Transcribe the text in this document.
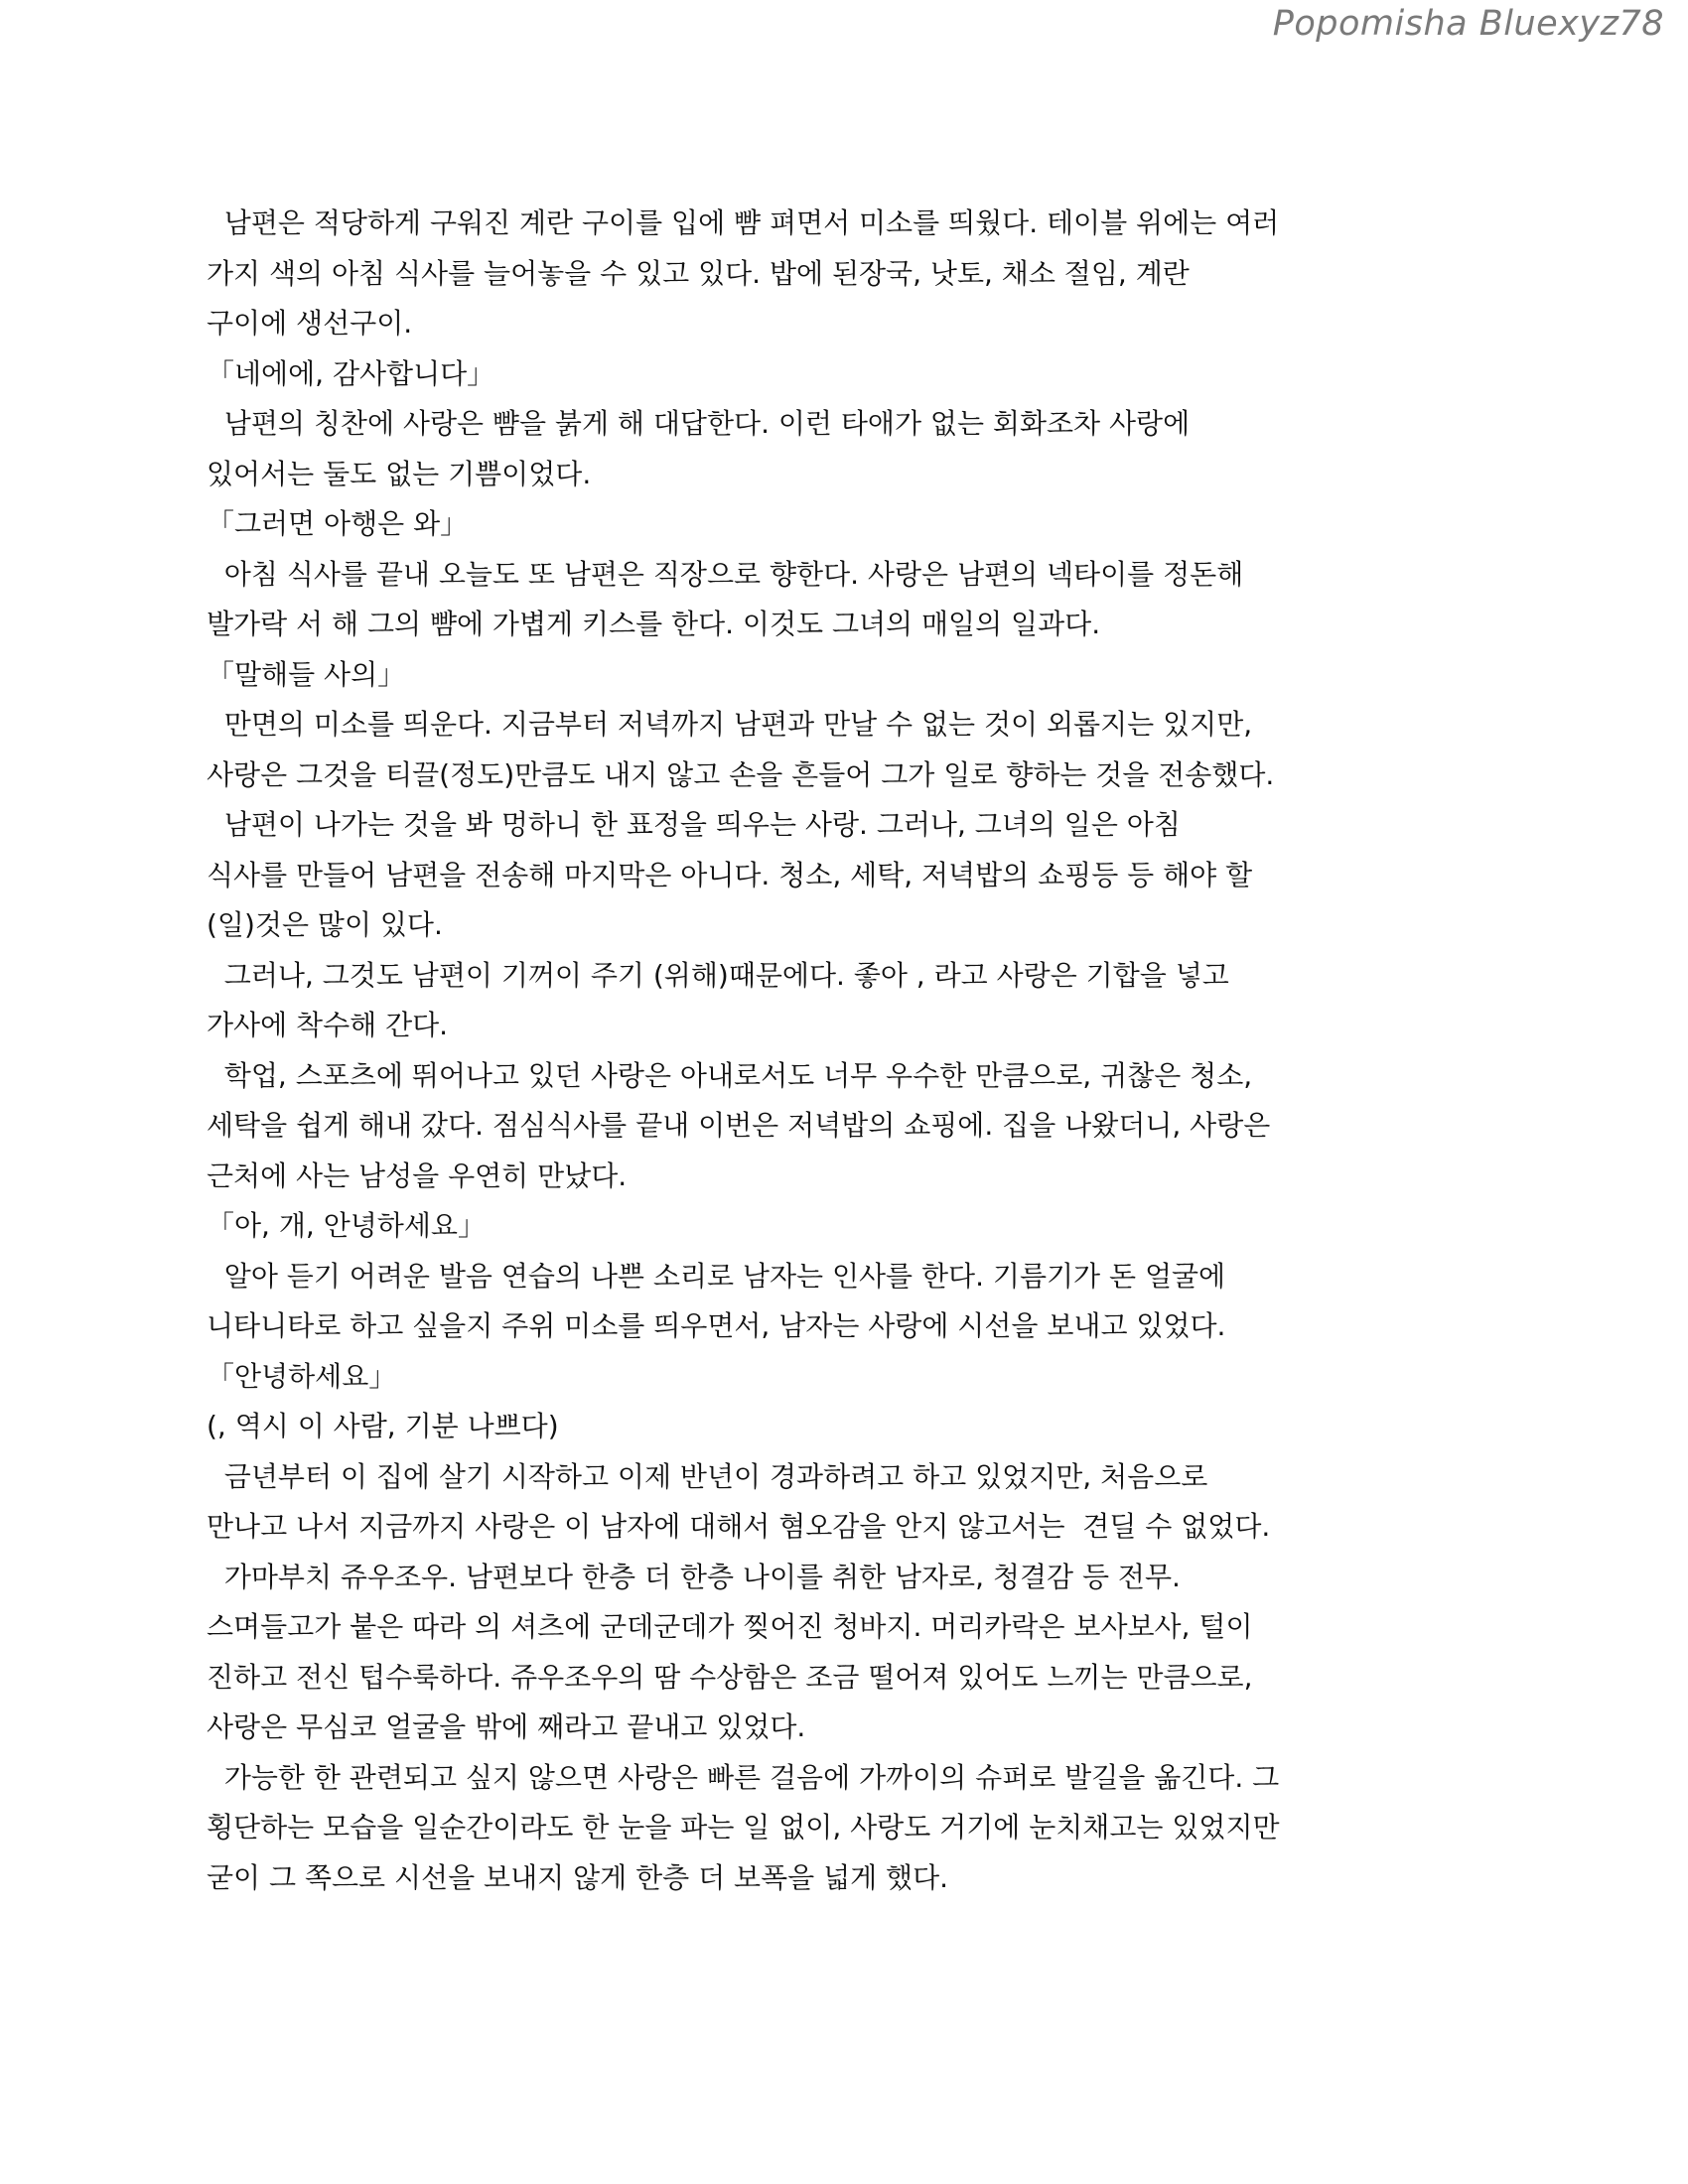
Popomisha Bluexyz78
남편은 적당하게 구워진 계란 구이를 입에 뺨 펴면서 미소를 띄웠다. 테이블 위에는 여러
가지 색의 아침 식사를 늘어놓을 수 있고 있다. 밥에 된장국, 낫토, 채소 절임, 계란
구이에 생선구이.
「네에에, 감사합니다」
남편의 칭찬에 사랑은 뺨을 붉게 해 대답한다. 이런 타애가 없는 회화조차 사랑에
있어서는 둘도 없는 기쁨이었다.
「그러면 아행은 와」
아침 식사를 끝내 오늘도 또 남편은 직장으로 향한다. 사랑은 남편의 넥타이를 정돈해
발가락 서 해 그의 뺨에 가볍게 키스를 한다. 이것도 그녀의 매일의 일과다.
「말해들 사의」
만면의 미소를 띄운다. 지금부터 저녁까지 남편과 만날 수 없는 것이 외롭지는 있지만,
사랑은 그것을 티끌(정도)만큼도 내지 않고 손을 흔들어 그가 일로 향하는 것을 전송했다.
남편이 나가는 것을 봐 멍하니 한 표정을 띄우는 사랑. 그러나, 그녀의 일은 아침
식사를 만들어 남편을 전송해 마지막은 아니다. 청소, 세탁, 저녁밥의 쇼핑등 등 해야 할
(일)것은 많이 있다.
그러나, 그것도 남편이 기꺼이 주기 (위해)때문에다. 좋아 , 라고 사랑은 기합을 넣고
가사에 착수해 간다.
학업, 스포츠에 뛰어나고 있던 사랑은 아내로서도 너무 우수한 만큼으로, 귀찮은 청소,
세탁을 쉽게 해내 갔다. 점심식사를 끝내 이번은 저녁밥의 쇼핑에. 집을 나왔더니, 사랑은
근처에 사는 남성을 우연히 만났다.
「아, 개, 안녕하세요」
알아 듣기 어려운 발음 연습의 나쁜 소리로 남자는 인사를 한다. 기름기가 돈 얼굴에
니타니타로 하고 싶을지 주위 미소를 띄우면서, 남자는 사랑에 시선을 보내고 있었다.
「안녕하세요」
(, 역시 이 사람, 기분 나쁘다)
금년부터 이 집에 살기 시작하고 이제 반년이 경과하려고 하고 있었지만, 처음으로
만나고 나서 지금까지 사랑은 이 남자에 대해서 혐오감을 안지 않고서는  견딜 수 없었다.
가마부치 쥬우조우. 남편보다 한층 더 한층 나이를 취한 남자로, 청결감 등 전무.
스며들고가 붙은 따라 의 셔츠에 군데군데가 찢어진 청바지. 머리카락은 보사보사, 털이
진하고 전신 텁수룩하다. 쥬우조우의 땀 수상함은 조금 떨어져 있어도 느끼는 만큼으로,
사랑은 무심코 얼굴을 밖에 째라고 끝내고 있었다.
가능한 한 관련되고 싶지 않으면 사랑은 빠른 걸음에 가까이의 슈퍼로 발길을 옮긴다. 그
횡단하는 모습을 일순간이라도 한 눈을 파는 일 없이, 사랑도 거기에 눈치채고는 있었지만
굳이 그 쪽으로 시선을 보내지 않게 한층 더 보폭을 넓게 했다.
